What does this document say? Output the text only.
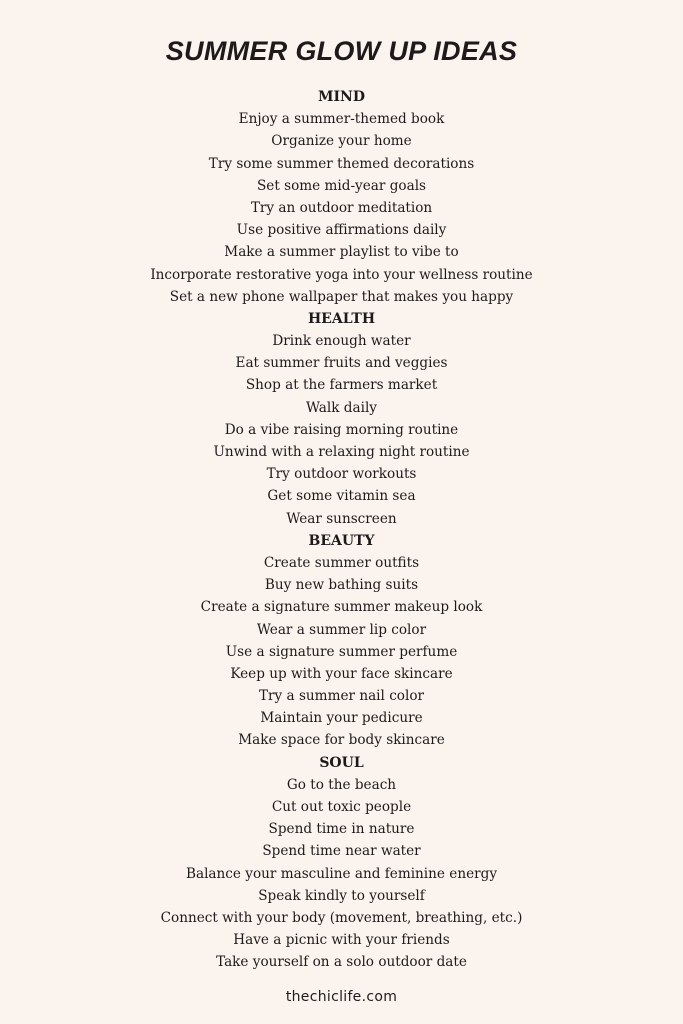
SUMMER GLOW UP IDEAS
MIND
Enjoy a summer-themed book
Organize your home
Try some summer themed decorations
Set some mid-year goals
Try an outdoor meditation
Use positive affirmations daily
Make a summer playlist to vibe to
Incorporate restorative yoga into your wellness routine
Set a new phone wallpaper that makes you happy
HEALTH
Drink enough water
Eat summer fruits and veggies
Shop at the farmers market
Walk daily
Do a vibe raising morning routine
Unwind with a relaxing night routine
Try outdoor workouts
Get some vitamin sea
Wear sunscreen
BEAUTY
Create summer outfits
Buy new bathing suits
Create a signature summer makeup look
Wear a summer lip color
Use a signature summer perfume
Keep up with your face skincare
Try a summer nail color
Maintain your pedicure
Make space for body skincare
SOUL
Go to the beach
Cut out toxic people
Spend time in nature
Spend time near water
Balance your masculine and feminine energy
Speak kindly to yourself
Connect with your body (movement, breathing, etc.)
Have a picnic with your friends
Take yourself on a solo outdoor date
thechiclife.com
